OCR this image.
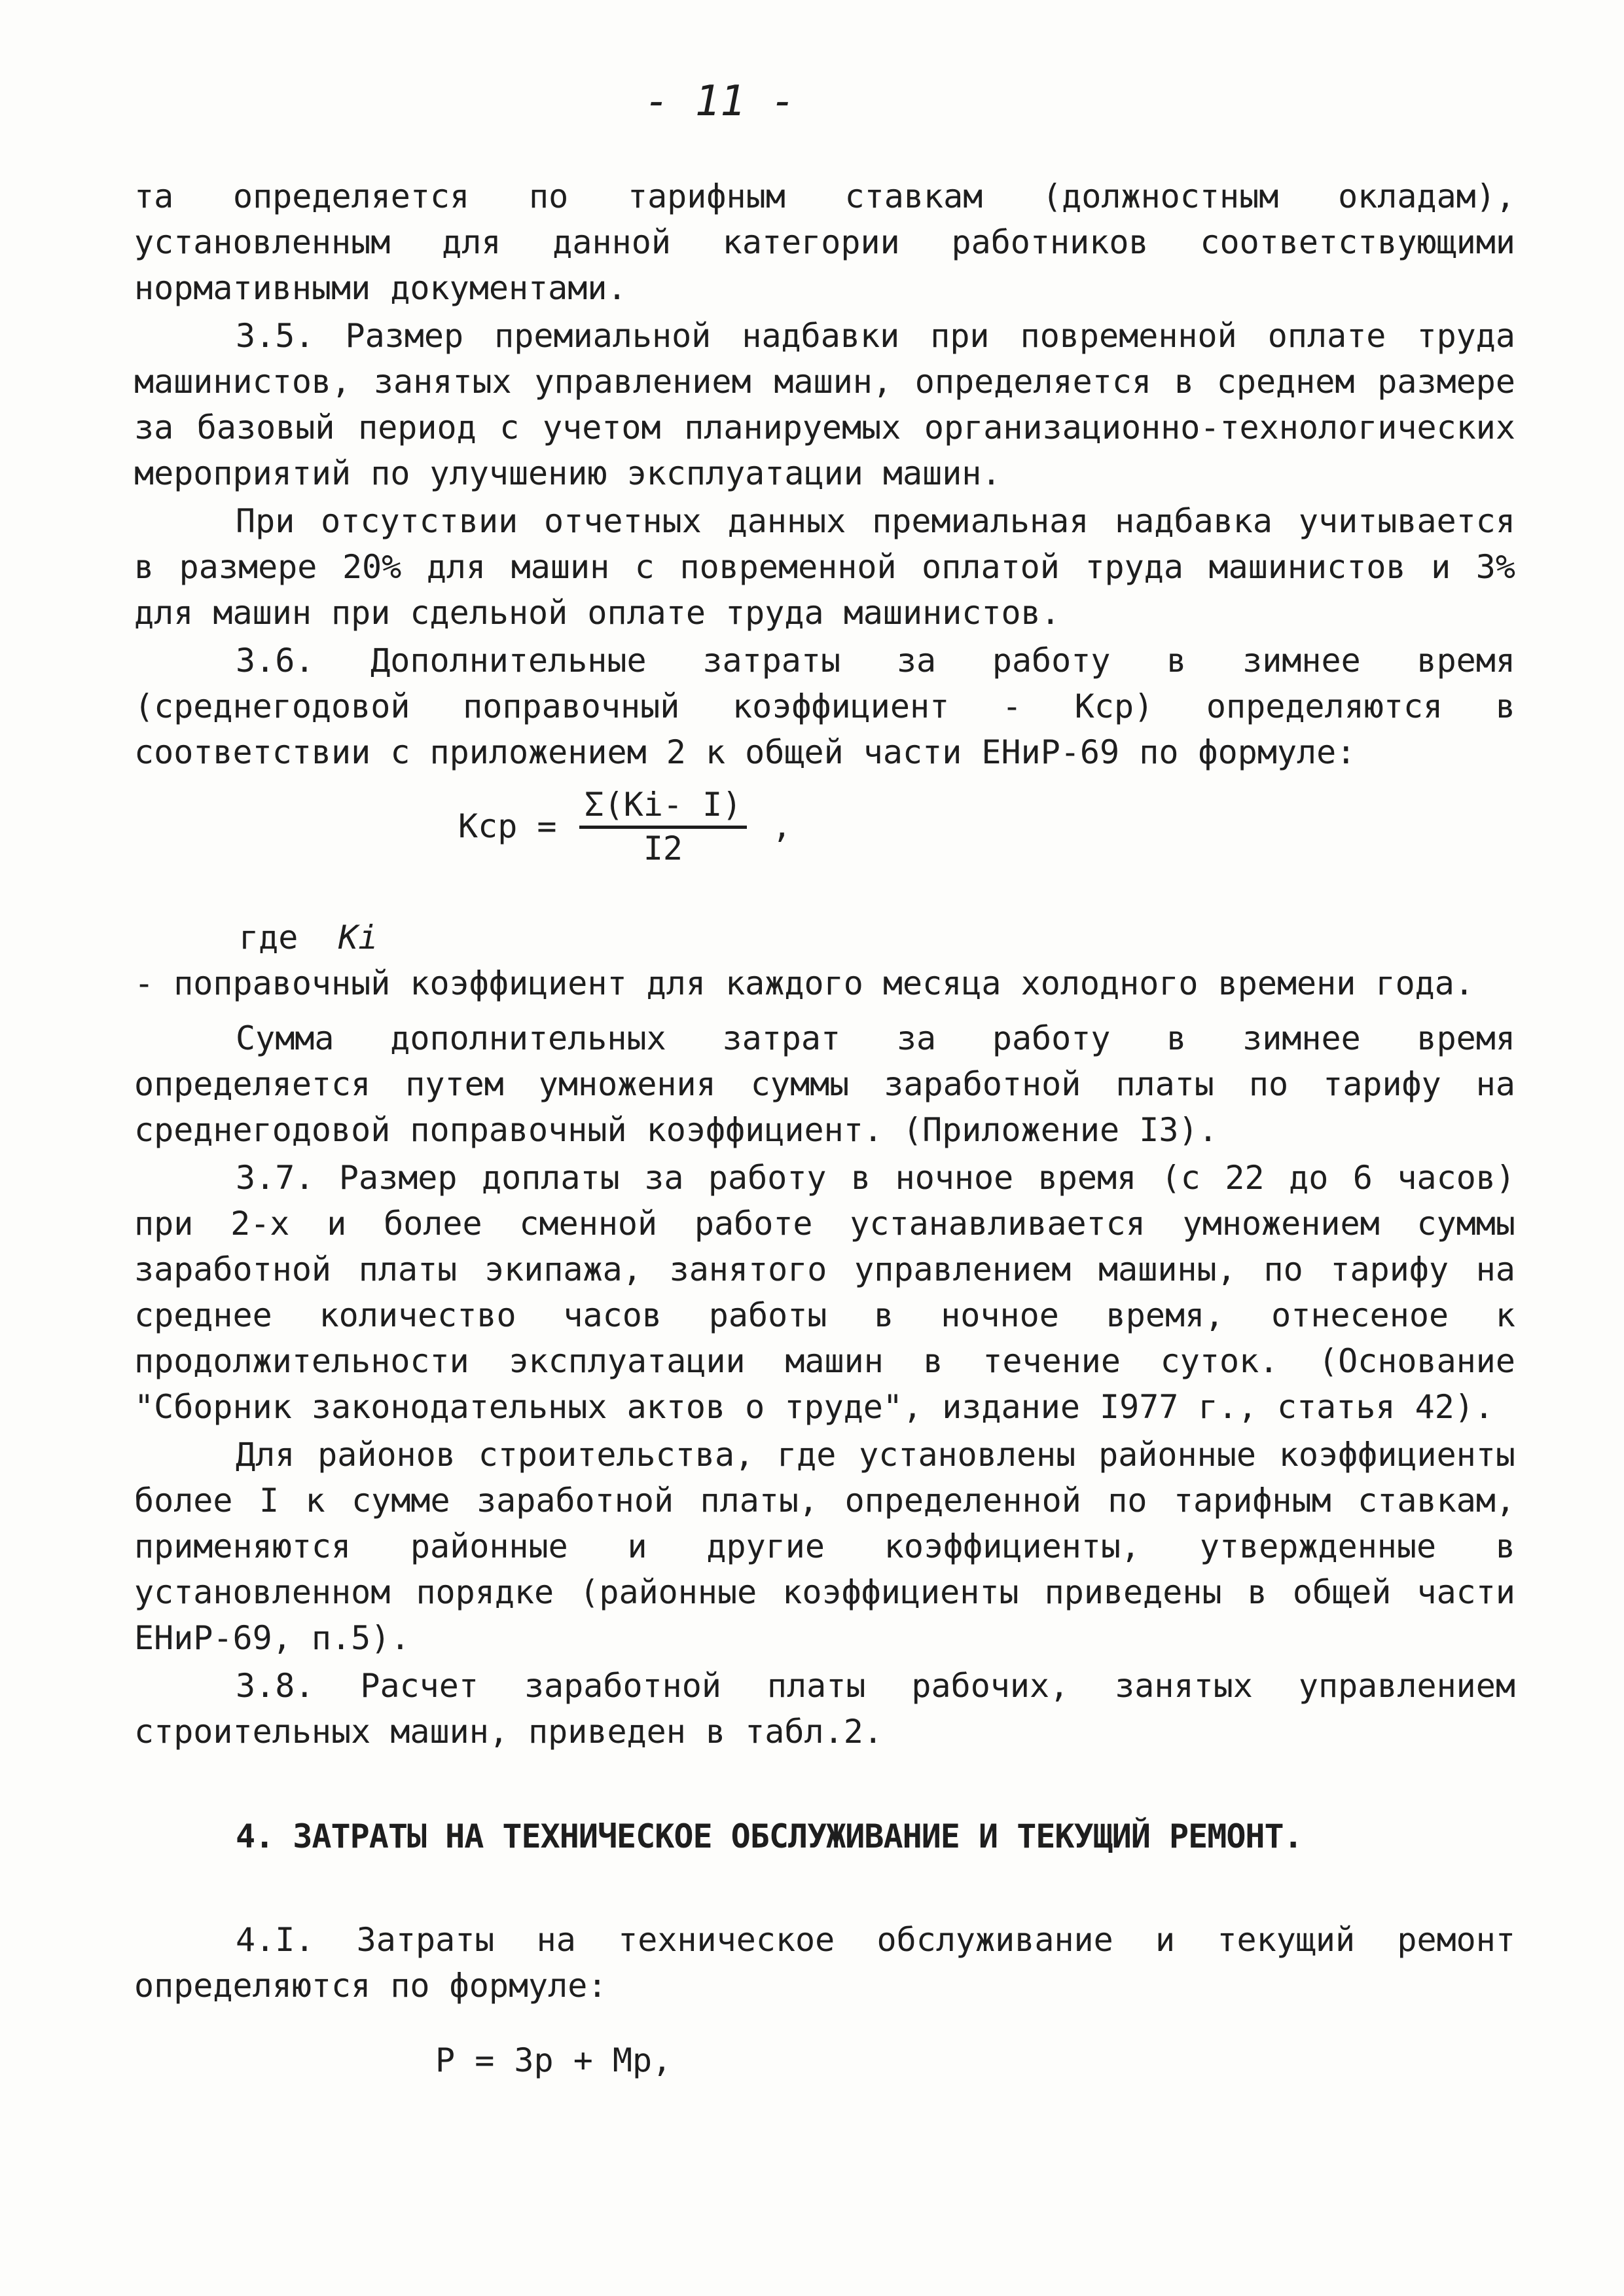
- 11 -

та определяется по тарифным ставкам (должностным окладам), установленным для данной категории работников соответствующими нормативными документами.

3.5. Размер премиальной надбавки при повременной оплате труда машинистов, занятых управлением машин, определяется в среднем размере за базовый период с учетом планируемых организационно-технологических мероприятий по улучшению эксплуатации машин.

При отсутствии отчетных данных премиальная надбавка учитывается в размере 20% для машин с повременной оплатой труда машинистов и 3% для машин при сдельной оплате труда машинистов.

3.6. Дополнительные затраты за работу в зимнее время (среднегодовой поправочный коэффициент - Кср) определяются в соответствии с приложением 2 к общей части ЕНиР-69 по формуле:

Кср = $\frac{\Sigma(Кi- I)}{I2}$ ,
где Кi
- поправочный коэффициент для каждого месяца холодного времени года.

Сумма дополнительных затрат за работу в зимнее время определяется путем умножения суммы заработной платы по тарифу на среднегодовой поправочный коэффициент. (Приложение I3).

3.7. Размер доплаты за работу в ночное время (с 22 до 6 часов) при 2-х и более сменной работе устанавливается умножением суммы заработной платы экипажа, занятого управлением машины, по тарифу на среднее количество часов работы в ночное время, отнесеное к продолжительности эксплуатации машин в течение суток. (Основание "Сборник законодательных актов о труде", издание I977 г., статья 42).

Для районов строительства, где установлены районные коэффициенты более I к сумме заработной платы, определенной по тарифным ставкам, применяются районные и другие коэффициенты, утвержденные в установленном порядке (районные коэффициенты приведены в общей части ЕНиР-69, п.5).

3.8. Расчет заработной платы рабочих, занятых управлением строительных машин, приведен в табл.2.

4. ЗАТРАТЫ НА ТЕХНИЧЕСКОЕ ОБСЛУЖИВАНИЕ И ТЕКУЩИЙ РЕМОНТ.

4.I. Затраты на техническое обслуживание и текущий ремонт определяются по формуле:

Р = Зр + Мр,
